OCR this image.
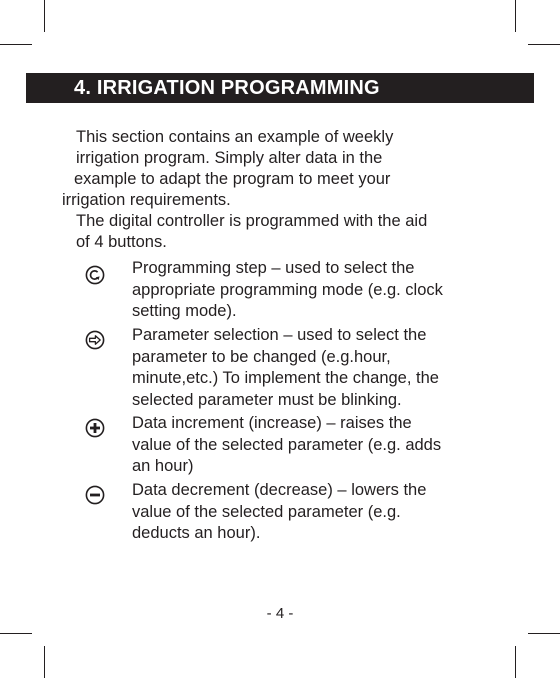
4. IRRIGATION PROGRAMMING
This section contains an example of weekly
irrigation program. Simply alter data in the
example to adapt the program to meet your
irrigation requirements.
The digital controller is programmed with the aid
of 4 buttons.
Programming step – used to select the
appropriate programming mode (e.g. clock
setting mode).
Parameter selection – used to select the
parameter to be changed (e.g.hour,
minute,etc.) To implement the change, the
selected parameter must be blinking.
Data increment (increase) – raises the
value of the selected parameter (e.g. adds
an hour)
Data decrement (decrease) – lowers the
value of the selected parameter (e.g.
deducts an hour).
- 4 -
